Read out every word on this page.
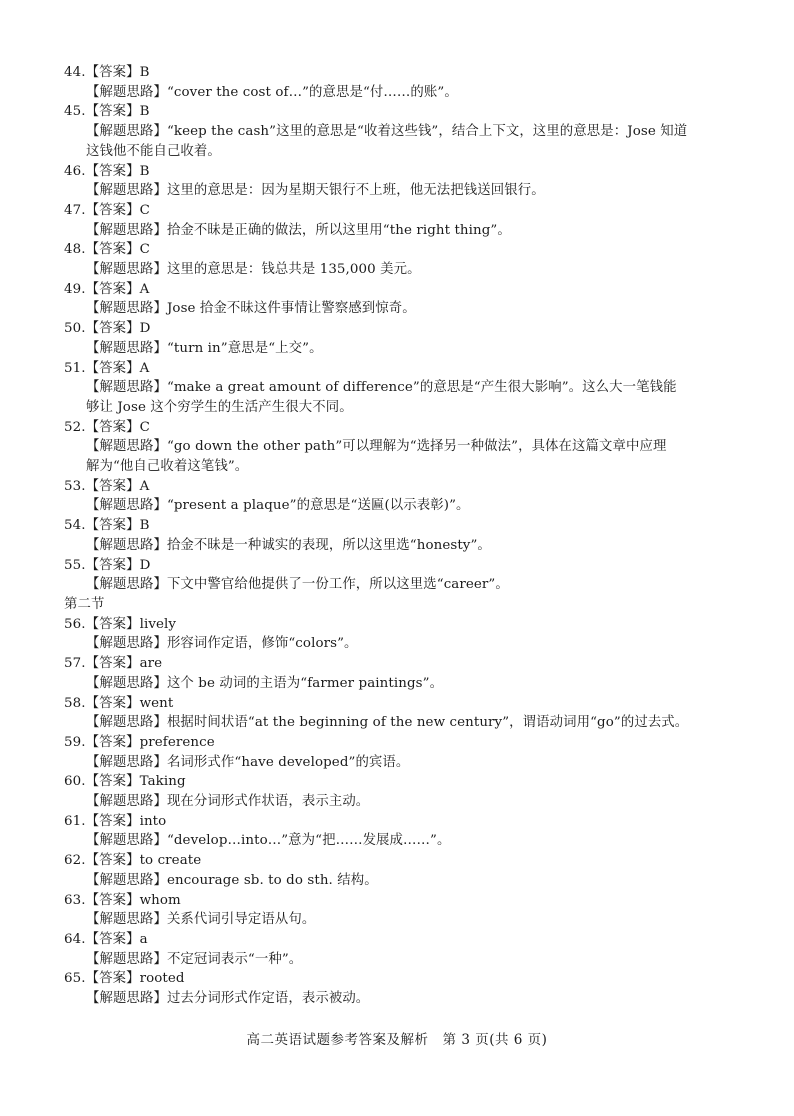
44.【答案】B
【解题思路】“cover the cost of…”的意思是“付……的账”。
45.【答案】B
【解题思路】“keep the cash”这里的意思是“收着这些钱”，结合上下文，这里的意思是：Jose 知道
这钱他不能自己收着。
46.【答案】B
【解题思路】这里的意思是：因为星期天银行不上班，他无法把钱送回银行。
47.【答案】C
【解题思路】拾金不昧是正确的做法，所以这里用“the right thing”。
48.【答案】C
【解题思路】这里的意思是：钱总共是 135,000 美元。
49.【答案】A
【解题思路】Jose 拾金不昧这件事情让警察感到惊奇。
50.【答案】D
【解题思路】“turn in”意思是“上交”。
51.【答案】A
【解题思路】“make a great amount of difference”的意思是“产生很大影响”。这么大一笔钱能
够让 Jose 这个穷学生的生活产生很大不同。
52.【答案】C
【解题思路】“go down the other path”可以理解为“选择另一种做法”，具体在这篇文章中应理
解为“他自己收着这笔钱”。
53.【答案】A
【解题思路】“present a plaque”的意思是“送匾(以示表彰)”。
54.【答案】B
【解题思路】拾金不昧是一种诚实的表现，所以这里选“honesty”。
55.【答案】D
【解题思路】下文中警官给他提供了一份工作，所以这里选“career”。
第二节
56.【答案】lively
【解题思路】形容词作定语，修饰“colors”。
57.【答案】are
【解题思路】这个 be 动词的主语为“farmer paintings”。
58.【答案】went
【解题思路】根据时间状语“at the beginning of the new century”，谓语动词用“go”的过去式。
59.【答案】preference
【解题思路】名词形式作“have developed”的宾语。
60.【答案】Taking
【解题思路】现在分词形式作状语，表示主动。
61.【答案】into
【解题思路】“develop…into…”意为“把……发展成……”。
62.【答案】to create
【解题思路】encourage sb. to do sth. 结构。
63.【答案】whom
【解题思路】关系代词引导定语从句。
64.【答案】a
【解题思路】不定冠词表示“一种”。
65.【答案】rooted
【解题思路】过去分词形式作定语，表示被动。
高二英语试题参考答案及解析　第 3 页(共 6 页)
